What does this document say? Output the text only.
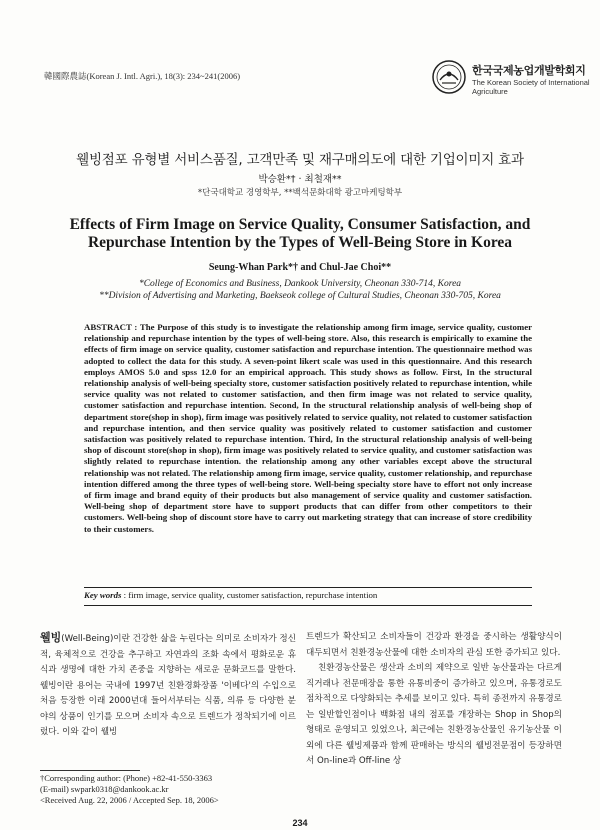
韓國際農誌(Korean J. Intl. Agri.), 18(3): 234~241(2006)	한국국제농업개발학회지
The Korean Society of International
Agriculture
웰빙점포 유형별 서비스품질, 고객만족 및 재구매의도에 대한 기업이미지 효과
박승환*† · 최철재**
*단국대학교 경영학부, **백석문화대학 광고마케팅학부
Effects of Firm Image on Service Quality, Consumer Satisfaction, and Repurchase Intention by the Types of Well-Being Store in Korea
Seung-Whan Park*† and Chul-Jae Choi**
*College of Economics and Business, Dankook University, Cheonan 330-714, Korea
**Division of Advertising and Marketing, Baekseok college of Cultural Studies, Cheonan 330-705, Korea
ABSTRACT : The Purpose of this study is to investigate the relationship among firm image, service quality, customer relationship and repurchase intention by the types of well-being store. Also, this research is empirically to examine the effects of firm image on service quality, customer satisfaction and repurchase intention. The questionnaire method was adopted to collect the data for this study. A seven-point likert scale was used in this questionnaire. And this research employs AMOS 5.0 and spss 12.0 for an empirical approach. This study shows as follow. First, In the structural relationship analysis of well-being specialty store, customer satisfaction positively related to repurchase intention, while service quality was not related to customer satisfaction, and then firm image was not related to service quality, customer satisfaction and repurchase intention. Second, In the structural relationship analysis of well-being shop of department store(shop in shop), firm image was positively related to service quality, not related to customer satisfaction and repurchase intention, and then service quality was positively related to customer satisfaction and customer satisfaction was positively related to repurchase intention. Third, In the structural relationship analysis of well-being shop of discount store(shop in shop), firm image was positively related to service quality, and customer satisfaction was slightly related to repurchase intention. the relationship among any other variables except above the structural relationship was not related. The relationship among firm image, service quality, customer relationship, and repurchase intention differed among the three types of well-being store. Well-being specialty store have to effort not only increase of firm image and brand equity of their products but also management of service quality and customer satisfaction. Well-being shop of department store have to support products that can differ from other competitors to their customers. Well-being shop of discount store have to carry out marketing strategy that can increase of store credibility to their customers.
Key words : firm image, service quality, customer satisfaction, repurchase intention

웰빙(Well-Being)이란 건강한 삶을 누린다는 의미로 소비자가 정신적, 육체적으로 건강을 추구하고 자연과의 조화 속에서 평화로운 휴식과 생명에 대한 가치 존중을 지향하는 새로운 문화코드를 말한다. 웰빙이란 용어는 국내에 1997년 친환경화장품 '이베다'의 수입으로 처음 등장한 이래 2000년대 들어서부터는 식품, 의류 등 다양한 분야의 상품이 인기를 모으며 소비자 속으로 트렌드가 정착되기에 이르렀다. 이와 같이 웰빙

트렌드가 확산되고 소비자들이 건강과 환경을 중시하는 생활양식이 대두되면서 친환경농산물에 대한 소비자의 관심 또한 증가되고 있다.

친환경농산물은 생산과 소비의 제약으로 일반 농산물과는 다르게 직거래나 전문매장을 통한 유통비중이 증가하고 있으며, 유통경로도 점차적으로 다양화되는 추세를 보이고 있다. 특히 종전까지 유통경로는 일반할인점이나 백화점 내의 점포를 개장하는 Shop in Shop의 형태로 운영되고 있었으나, 최근에는 친환경농산물인 유기농산물 이외에 다른 웰빙제품과 함께 판매하는 방식의 웰빙전문점이 등장하면서 On-line과 Off-line 상

†Corresponding author: (Phone) +82-41-550-3363
(E-mail) swpark0318@dankook.ac.kr
<Received Aug. 22, 2006 / Accepted Sep. 18, 2006>
234
